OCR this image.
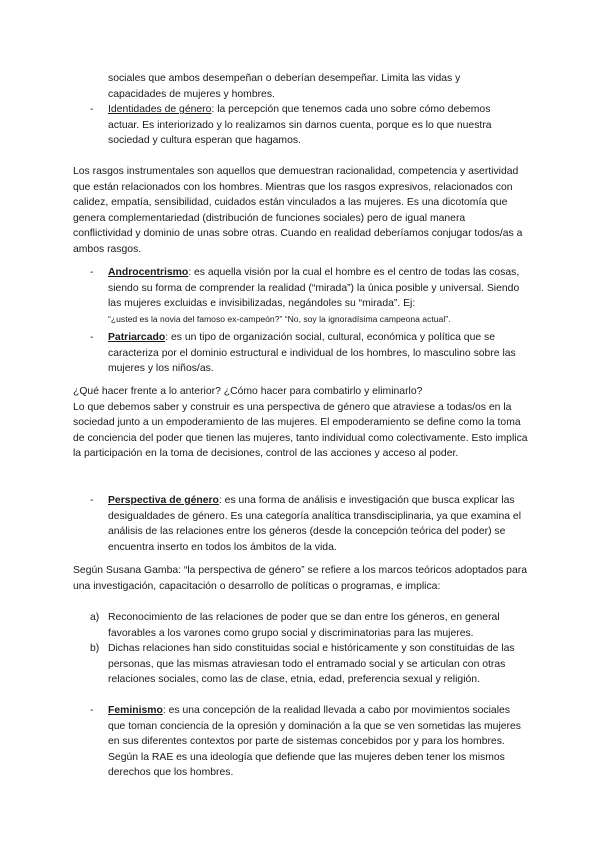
sociales que ambos desempeñan o deberían desempeñar. Limita las vidas y capacidades de mujeres y hombres.

- Identidades de género: la percepción que tenemos cada uno sobre cómo debemos actuar. Es interiorizado y lo realizamos sin darnos cuenta, porque es lo que nuestra sociedad y cultura esperan que hagamos.

Los rasgos instrumentales son aquellos que demuestran racionalidad, competencia y asertividad que están relacionados con los hombres. Mientras que los rasgos expresivos, relacionados con calidez, empatía, sensibilidad, cuidados están vinculados a las mujeres. Es una dicotomía que genera complementariedad (distribución de funciones sociales) pero de igual manera conflictividad y dominio de unas sobre otras. Cuando en realidad deberíamos conjugar todos/as a ambos rasgos.

- Androcentrismo: es aquella visión por la cual el hombre es el centro de todas las cosas, siendo su forma de comprender la realidad (“mirada”) la única posible y universal. Siendo las mujeres excluidas e invisibilizadas, negándoles su “mirada”. Ej:
“¿usted es la novia del famoso ex-campeón?” “No, soy la ignoradísima campeona actual”.

- Patriarcado: es un tipo de organización social, cultural, económica y política que se caracteriza por el dominio estructural e individual de los hombres, lo masculino sobre las mujeres y los niños/as.

¿Qué hacer frente a lo anterior? ¿Cómo hacer para combatirlo y eliminarlo?
Lo que debemos saber y construir es una perspectiva de género que atraviese a todas/os en la sociedad junto a un empoderamiento de las mujeres. El empoderamiento se define como la toma de conciencia del poder que tienen las mujeres, tanto individual como colectivamente. Esto implica la participación en la toma de decisiones, control de las acciones y acceso al poder.

- Perspectiva de género: es una forma de análisis e investigación que busca explicar las desigualdades de género. Es una categoría analítica transdisciplinaria, ya que examina el análisis de las relaciones entre los géneros (desde la concepción teórica del poder) se encuentra inserto en todos los ámbitos de la vida.

Según Susana Gamba: “la perspectiva de género” se refiere a los marcos teóricos adoptados para una investigación, capacitación o desarrollo de políticas o programas, e implica:

a) Reconocimiento de las relaciones de poder que se dan entre los géneros, en general favorables a los varones como grupo social y discriminatorias para las mujeres.

b) Dichas relaciones han sido constituidas social e históricamente y son constituidas de las personas, que las mismas atraviesan todo el entramado social y se articulan con otras relaciones sociales, como las de clase, etnia, edad, preferencia sexual y religión.

- Feminismo: es una concepción de la realidad llevada a cabo por movimientos sociales que toman conciencia de la opresión y dominación a la que se ven sometidas las mujeres en sus diferentes contextos por parte de sistemas concebidos por y para los hombres. Según la RAE es una ideología que defiende que las mujeres deben tener los mismos derechos que los hombres.
